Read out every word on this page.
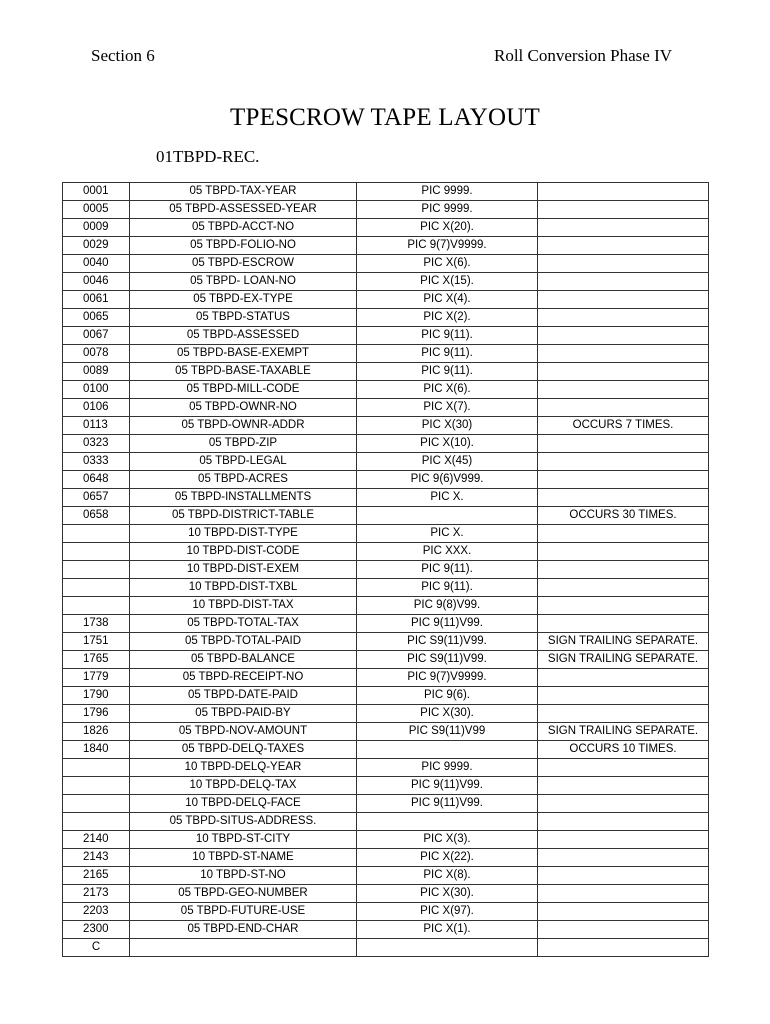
Section 6	Roll Conversion Phase IV
TPESCROW TAPE LAYOUT
01TBPD-REC.
0001	05 TBPD-TAX-YEAR	PIC 9999.	
0005	05 TBPD-ASSESSED-YEAR	PIC 9999.	
0009	05 TBPD-ACCT-NO	PIC X(20).	
0029	05 TBPD-FOLIO-NO	PIC 9(7)V9999.	
0040	05 TBPD-ESCROW	PIC X(6).	
0046	05 TBPD- LOAN-NO	PIC X(15).	
0061	05 TBPD-EX-TYPE	PIC X(4).	
0065	05 TBPD-STATUS	PIC X(2).	
0067	05 TBPD-ASSESSED	PIC 9(11).	
0078	05 TBPD-BASE-EXEMPT	PIC 9(11).	
0089	05 TBPD-BASE-TAXABLE	PIC 9(11).	
0100	05 TBPD-MILL-CODE	PIC X(6).	
0106	05 TBPD-OWNR-NO	PIC X(7).	
0113	05 TBPD-OWNR-ADDR	PIC X(30)	OCCURS 7 TIMES.
0323	05 TBPD-ZIP	PIC X(10).	
0333	05 TBPD-LEGAL	PIC X(45)	
0648	05 TBPD-ACRES	PIC 9(6)V999.	
0657	05 TBPD-INSTALLMENTS	PIC X.	
0658	05 TBPD-DISTRICT-TABLE		OCCURS 30 TIMES.
	10 TBPD-DIST-TYPE	PIC X.	
	10 TBPD-DIST-CODE	PIC XXX.	
	10 TBPD-DIST-EXEM	PIC 9(11).	
	10 TBPD-DIST-TXBL	PIC 9(11).	
	10 TBPD-DIST-TAX	PIC 9(8)V99.	
1738	05 TBPD-TOTAL-TAX	PIC 9(11)V99.	
1751	05 TBPD-TOTAL-PAID	PIC S9(11)V99.	SIGN TRAILING SEPARATE.
1765	05 TBPD-BALANCE	PIC S9(11)V99.	SIGN TRAILING SEPARATE.
1779	05 TBPD-RECEIPT-NO	PIC 9(7)V9999.	
1790	05 TBPD-DATE-PAID	PIC 9(6).	
1796	05 TBPD-PAID-BY	PIC X(30).	
1826	05 TBPD-NOV-AMOUNT	PIC S9(11)V99	SIGN TRAILING SEPARATE.
1840	05 TBPD-DELQ-TAXES		OCCURS 10 TIMES.
	10 TBPD-DELQ-YEAR	PIC 9999.	
	10 TBPD-DELQ-TAX	PIC 9(11)V99.	
	10 TBPD-DELQ-FACE	PIC 9(11)V99.	
	05 TBPD-SITUS-ADDRESS.		
2140	10 TBPD-ST-CITY	PIC X(3).	
2143	10 TBPD-ST-NAME	PIC X(22).	
2165	10 TBPD-ST-NO	PIC X(8).	
2173	05 TBPD-GEO-NUMBER	PIC X(30).	
2203	05 TBPD-FUTURE-USE	PIC X(97).	
2300	05 TBPD-END-CHAR	PIC X(1).	
C			
